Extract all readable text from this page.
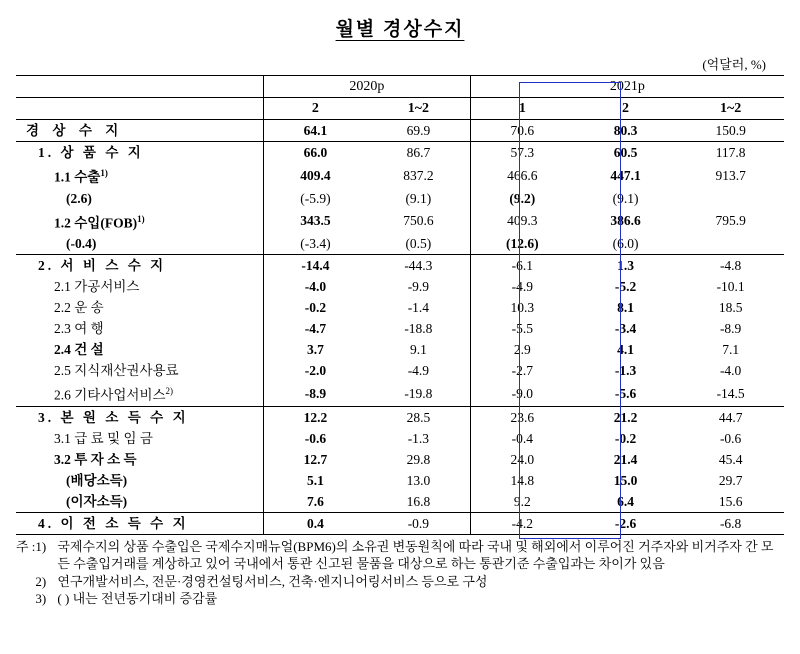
월별 경상수지
(억달러, %)
	2020p		2021p		
	2	1~2	1	2	1~2
경 상 수 지	64.1	69.9	70.6	80.3	150.9
1. 상 품 수 지	66.0	86.7	57.3	60.5	117.8
1.1 수출$^{1)}$	409.4	837.2	466.6	447.1	913.7
(2.6)	(-5.9)	(9.1)	(9.2)	(9.1)	
1.2 수입(FOB)$^{1)}$	343.5	750.6	409.3	386.6	795.9
(-0.4)	(-3.4)	(0.5)	(12.6)	(6.0)	
2. 서 비 스 수 지	-14.4	-44.3	-6.1	1.3	-4.8
2.1 가공서비스	-4.0	-9.9	-4.9	-5.2	-10.1
2.2 운 송	-0.2	-1.4	10.3	8.1	18.5
2.3 여 행	-4.7	-18.8	-5.5	-3.4	-8.9
2.4 건 설	3.7	9.1	2.9	4.1	7.1
2.5 지식재산권사용료	-2.0	-4.9	-2.7	-1.3	-4.0
2.6 기타사업서비스$^{2)}$	-8.9	-19.8	-9.0	-5.6	-14.5
3. 본 원 소 득 수 지	12.2	28.5	23.6	21.2	44.7
3.1 급 료 및 임 금	-0.6	-1.3	-0.4	-0.2	-0.6
3.2 투 자 소 득	12.7	29.8	24.0	21.4	45.4
(배당소득)	5.1	13.0	14.8	15.0	29.7
(이자소득)	7.6	16.8	9.2	6.4	15.6
4. 이 전 소 득 수 지	0.4	-0.9	-4.2	-2.6	-6.8
주 :	1)	국제수지의 상품 수출입은 국제수지매뉴얼(BPM6)의 소유권 변동원칙에 따라 국내 및 해외에서 이루어진 거주자와 비거주자 간 모든 수출입거래를 계상하고 있어 국내에서 통관 신고된 물품을 대상으로 하는 통관기준 수출입과는 차이가 있음
	2)	연구개발서비스, 전문·경영컨설팅서비스, 건축·엔지니어링서비스 등으로 구성
	3)	( ) 내는 전년동기대비 증감률
